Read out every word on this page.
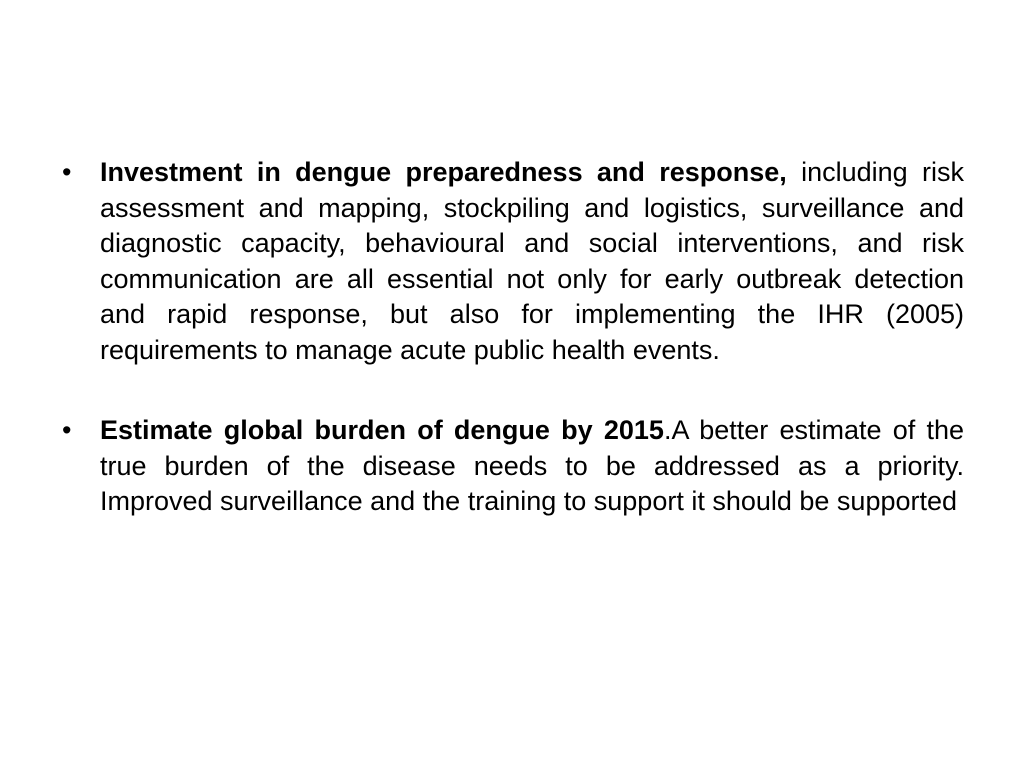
•	Investment in dengue preparedness and response, including risk assessment and mapping, stockpiling and logistics, surveillance and diagnostic capacity, behavioural and social interventions, and risk communication are all essential not only for early outbreak detection and rapid response, but also for implementing the IHR (2005) requirements to manage acute public health events.
•	Estimate global burden of dengue by 2015.A better estimate of the true burden of the disease needs to be addressed as a priority. Improved surveillance and the training to support it should be supported
